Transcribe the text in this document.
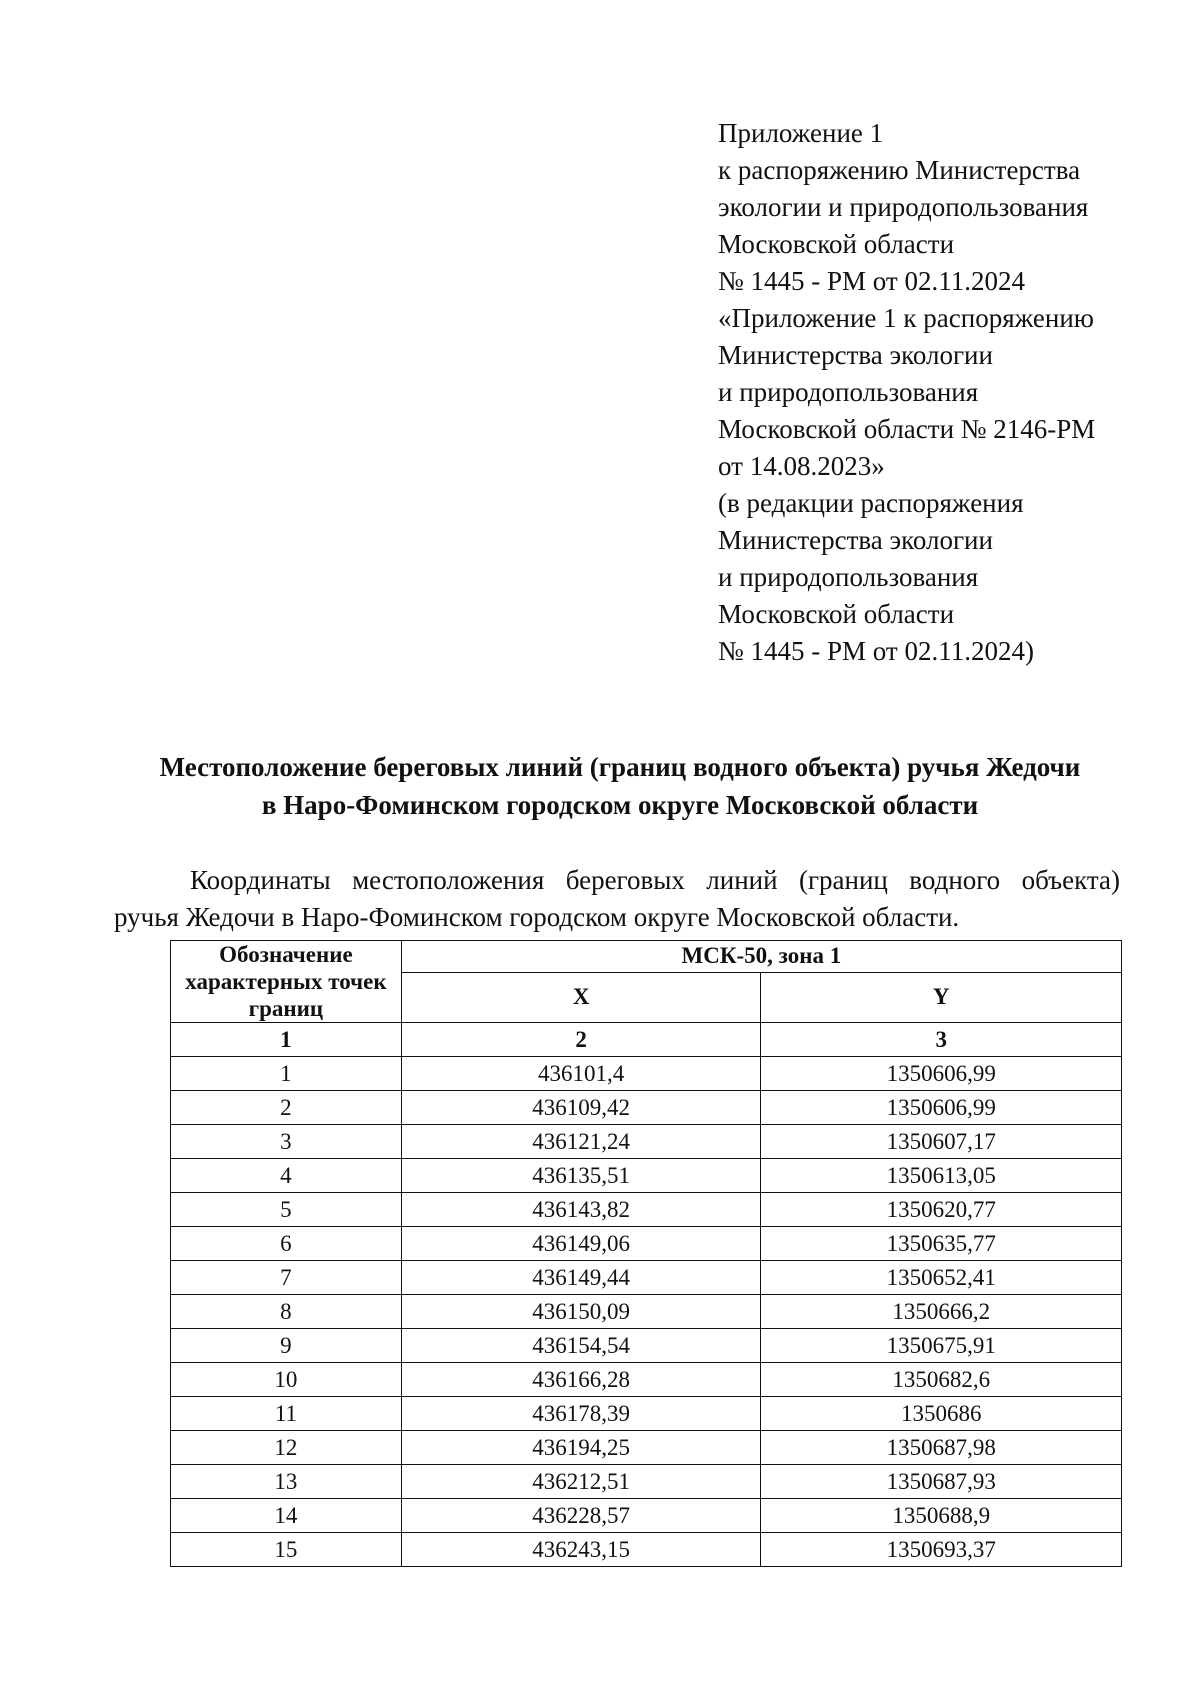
Приложение 1
к распоряжению Министерства
экологии и природопользования
Московской области
№ 1445 - РМ от 02.11.2024
«Приложение 1 к распоряжению
Министерства экологии
и природопользования
Московской области № 2146-РМ
от 14.08.2023»
(в редакции распоряжения
Министерства экологии
и природопользования
Московской области
№ 1445 - РМ от 02.11.2024)
Местоположение береговых линий (границ водного объекта) ручья Жедочи
в Наро-Фоминском городском округе Московской области
Координаты местоположения береговых линий (границ водного объекта)
ручья Жедочи в Наро-Фоминском городском округе Московской области.
Обозначение характерных точек границ	МСК-50, зона 1	
	X	Y
1	2	3
1	436101,4	1350606,99
2	436109,42	1350606,99
3	436121,24	1350607,17
4	436135,51	1350613,05
5	436143,82	1350620,77
6	436149,06	1350635,77
7	436149,44	1350652,41
8	436150,09	1350666,2
9	436154,54	1350675,91
10	436166,28	1350682,6
11	436178,39	1350686
12	436194,25	1350687,98
13	436212,51	1350687,93
14	436228,57	1350688,9
15	436243,15	1350693,37
